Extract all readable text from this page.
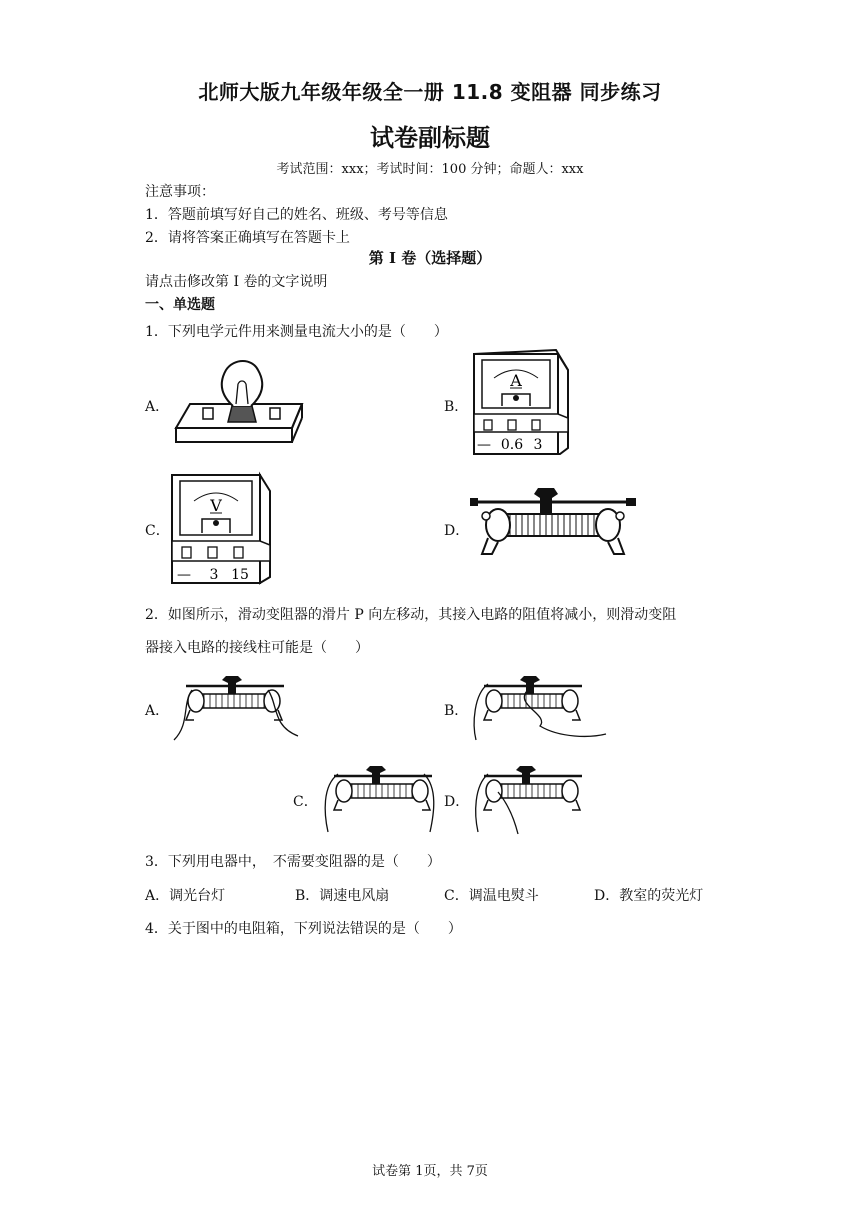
北师大版九年级年级全一册 11.8 变阻器 同步练习
试卷副标题
考试范围：xxx；考试时间：100 分钟；命题人：xxx
注意事项：
1．答题前填写好自己的姓名、班级、考号等信息
2．请将答案正确填写在答题卡上
第 I 卷（选择题）
请点击修改第 I 卷的文字说明
一、单选题
1．下列电学元件用来测量电流大小的是（　　）
A．	B．
A
— 0.6 3
C．
V
— 3 15
D．
2．如图所示，滑动变阻器的滑片 P 向左移动，其接入电路的阻值将减小，则滑动变阻
器接入电路的接线柱可能是（　　）
A．	B．
C．	D．
3．下列用电器中，　不需要变阻器的是（　　）
A．调光台灯	B．调速电风扇	C．调温电熨斗	D．教室的荧光灯
4．关于图中的电阻箱，下列说法错误的是（　　）
试卷第 1页，共 7页
